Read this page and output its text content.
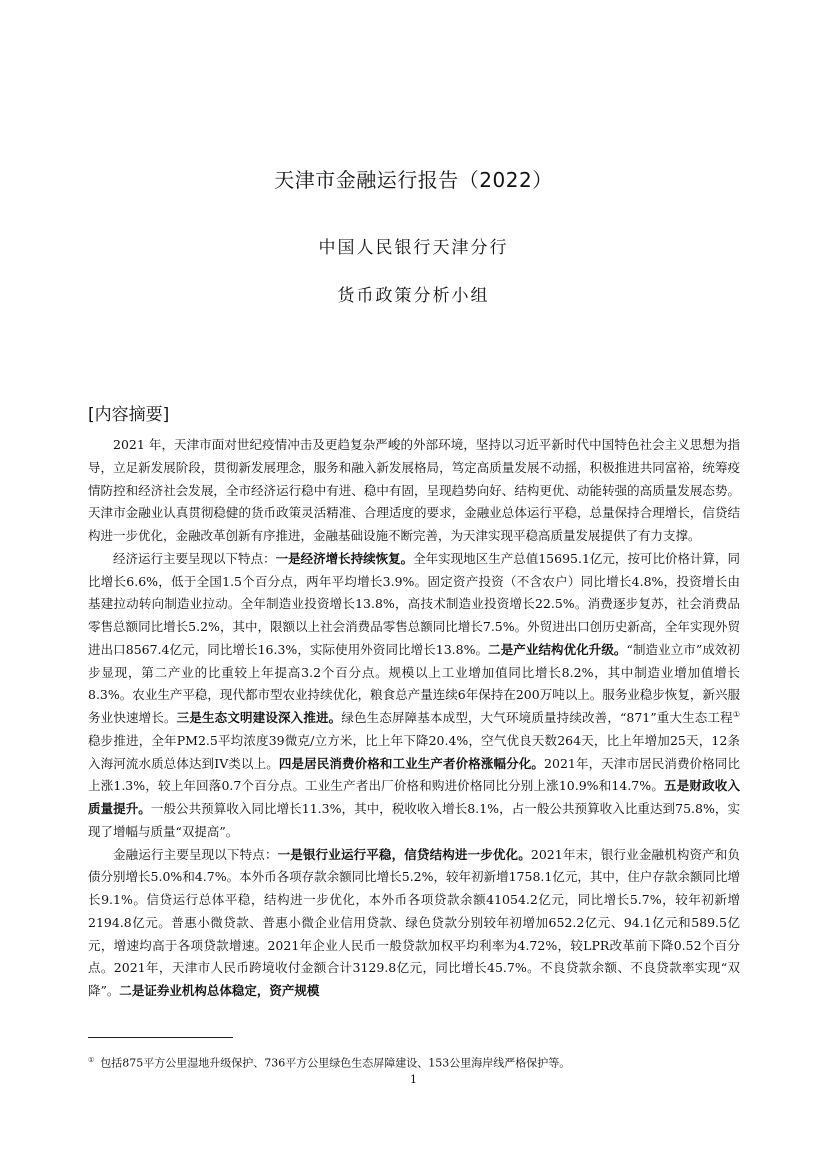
天津市金融运行报告（2022）
中国人民银行天津分行
货币政策分析小组
[内容摘要]

2021 年，天津市面对世纪疫情冲击及更趋复杂严峻的外部环境，坚持以习近平新时代中国特色社会主义思想为指导，立足新发展阶段，贯彻新发展理念，服务和融入新发展格局，笃定高质量发展不动摇，积极推进共同富裕，统筹疫情防控和经济社会发展，全市经济运行稳中有进、稳中有固，呈现趋势向好、结构更优、动能转强的高质量发展态势。天津市金融业认真贯彻稳健的货币政策灵活精准、合理适度的要求，金融业总体运行平稳，总量保持合理增长，信贷结构进一步优化，金融改革创新有序推进，金融基础设施不断完善，为天津实现平稳高质量发展提供了有力支撑。

经济运行主要呈现以下特点：一是经济增长持续恢复。全年实现地区生产总值15695.1亿元，按可比价格计算，同比增长6.6%，低于全国1.5个百分点，两年平均增长3.9%。固定资产投资（不含农户）同比增长4.8%，投资增长由基建拉动转向制造业拉动。全年制造业投资增长13.8%，高技术制造业投资增长22.5%。消费逐步复苏，社会消费品零售总额同比增长5.2%，其中，限额以上社会消费品零售总额同比增长7.5%。外贸进出口创历史新高，全年实现外贸进出口8567.4亿元，同比增长16.3%，实际使用外资同比增长13.8%。二是产业结构优化升级。“制造业立市”成效初步显现，第二产业的比重较上年提高3.2个百分点。规模以上工业增加值同比增长8.2%，其中制造业增加值增长8.3%。农业生产平稳，现代都市型农业持续优化，粮食总产量连续6年保持在200万吨以上。服务业稳步恢复，新兴服务业快速增长。三是生态文明建设深入推进。绿色生态屏障基本成型，大气环境质量持续改善，“871”重大生态工程①稳步推进，全年PM2.5平均浓度39微克/立方米，比上年下降20.4%，空气优良天数264天，比上年增加25天，12条入海河流水质总体达到IV类以上。四是居民消费价格和工业生产者价格涨幅分化。2021年，天津市居民消费价格同比上涨1.3%，较上年回落0.7个百分点。工业生产者出厂价格和购进价格同比分别上涨10.9%和14.7%。五是财政收入质量提升。一般公共预算收入同比增长11.3%，其中，税收收入增长8.1%，占一般公共预算收入比重达到75.8%，实现了增幅与质量“双提高”。

金融运行主要呈现以下特点：一是银行业运行平稳，信贷结构进一步优化。2021年末，银行业金融机构资产和负债分别增长5.0%和4.7%。本外币各项存款余额同比增长5.2%，较年初新增1758.1亿元，其中，住户存款余额同比增长9.1%。信贷运行总体平稳，结构进一步优化，本外币各项贷款余额41054.2亿元，同比增长5.7%，较年初新增2194.8亿元。普惠小微贷款、普惠小微企业信用贷款、绿色贷款分别较年初增加652.2亿元、94.1亿元和589.5亿元，增速均高于各项贷款增速。2021年企业人民币一般贷款加权平均利率为4.72%，较LPR改革前下降0.52个百分点。2021年，天津市人民币跨境收付金额合计3129.8亿元，同比增长45.7%。不良贷款余额、不良贷款率实现“双降”。二是证券业机构总体稳定，资产规模

① 包括875平方公里湿地升级保护、736平方公里绿色生态屏障建设、153公里海岸线严格保护等。
1
